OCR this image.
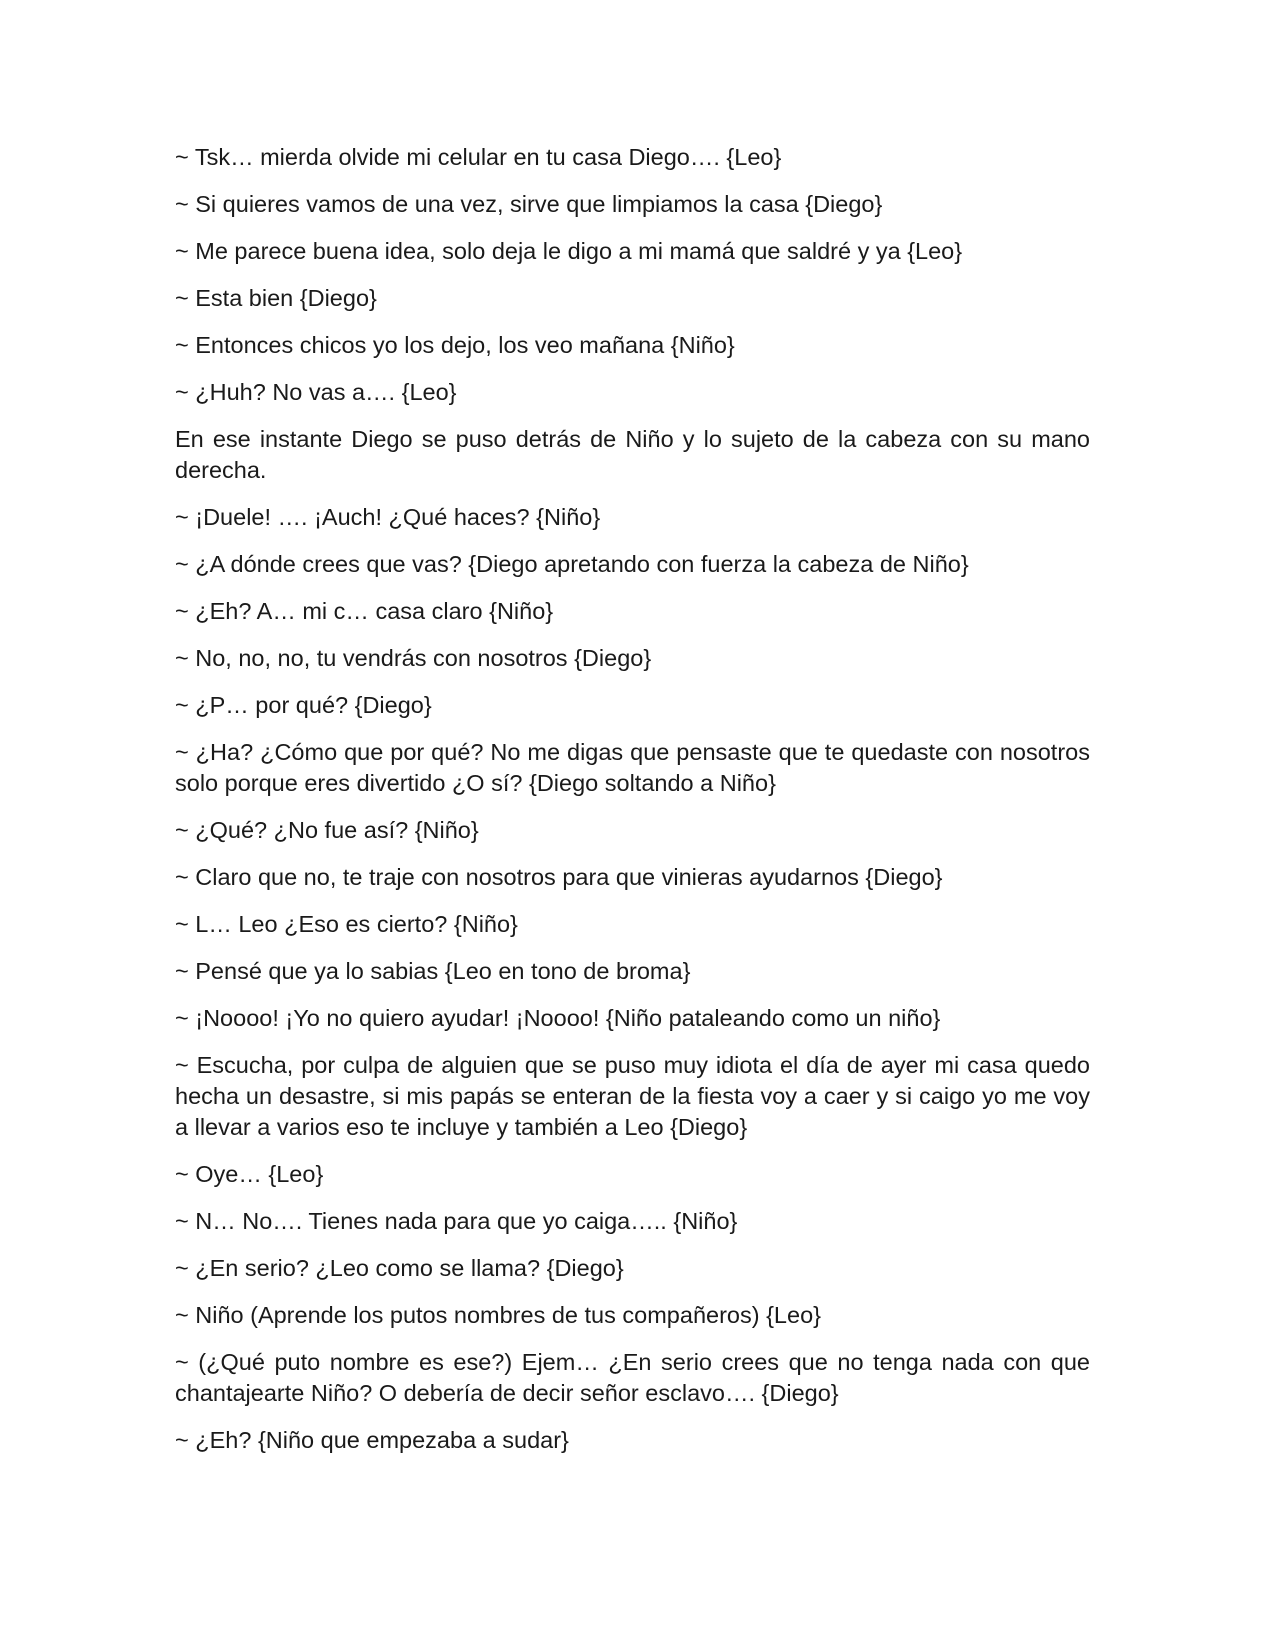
~ Tsk… mierda olvide mi celular en tu casa Diego…. {Leo}

~ Si quieres vamos de una vez, sirve que limpiamos la casa {Diego}

~ Me parece buena idea, solo deja le digo a mi mamá que saldré y ya {Leo}

~ Esta bien {Diego}

~ Entonces chicos yo los dejo, los veo mañana {Niño}

~ ¿Huh? No vas a…. {Leo}

En ese instante Diego se puso detrás de Niño y lo sujeto de la cabeza con su mano derecha.

~ ¡Duele! …. ¡Auch! ¿Qué haces? {Niño}

~ ¿A dónde crees que vas? {Diego apretando con fuerza la cabeza de Niño}

~ ¿Eh? A… mi c… casa claro {Niño}

~ No, no, no, tu vendrás con nosotros {Diego}

~ ¿P… por qué? {Diego}

~ ¿Ha? ¿Cómo que por qué? No me digas que pensaste que te quedaste con nosotros solo porque eres divertido ¿O sí? {Diego soltando a Niño}

~ ¿Qué? ¿No fue así? {Niño}

~ Claro que no, te traje con nosotros para que vinieras ayudarnos {Diego}

~ L… Leo ¿Eso es cierto? {Niño}

~ Pensé que ya lo sabias {Leo en tono de broma}

~ ¡Noooo! ¡Yo no quiero ayudar! ¡Noooo! {Niño pataleando como un niño}

~ Escucha, por culpa de alguien que se puso muy idiota el día de ayer mi casa quedo hecha un desastre, si mis papás se enteran de la fiesta voy a caer y si caigo yo me voy a llevar a varios eso te incluye y también a Leo {Diego}

~ Oye… {Leo}

~ N… No…. Tienes nada para que yo caiga….. {Niño}

~ ¿En serio? ¿Leo como se llama? {Diego}

~ Niño (Aprende los putos nombres de tus compañeros) {Leo}

~ (¿Qué puto nombre es ese?) Ejem… ¿En serio crees que no tenga nada con que chantajearte Niño? O debería de decir señor esclavo…. {Diego}

~ ¿Eh? {Niño que empezaba a sudar}
